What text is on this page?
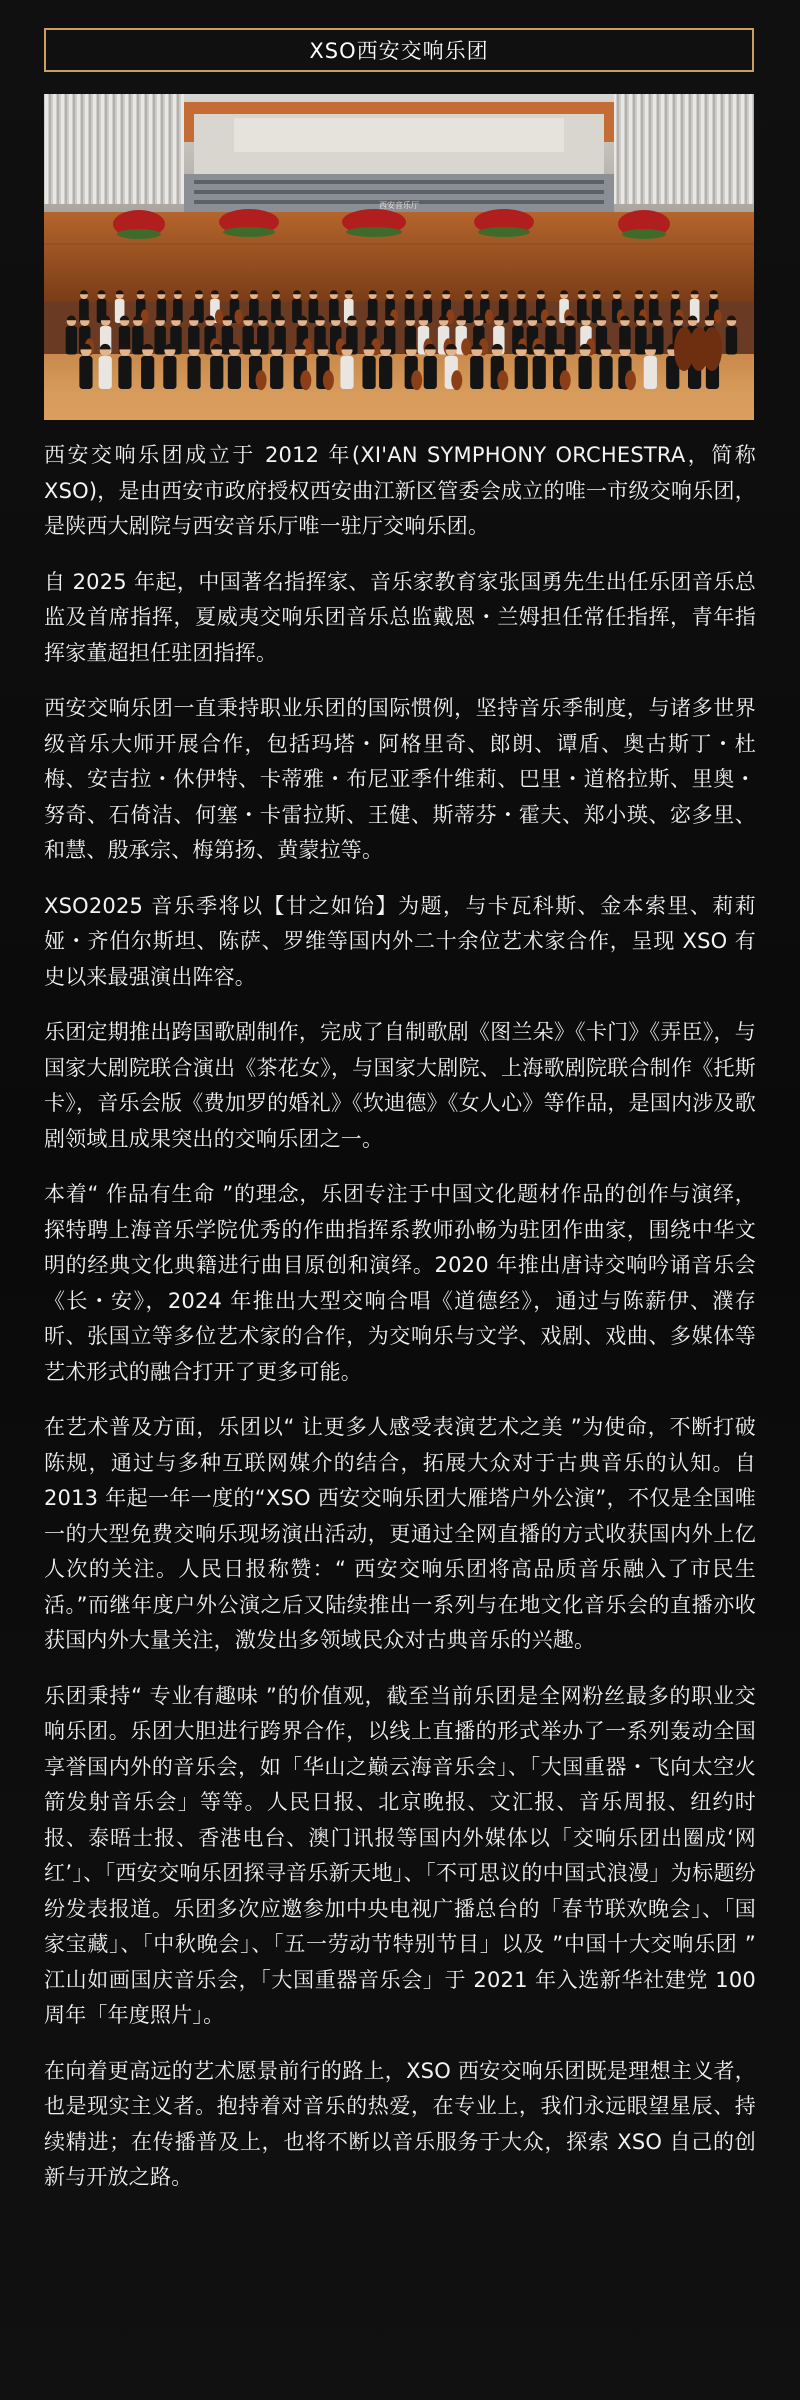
XSO西安交响乐团
西安音乐厅

西安交响乐团成立于 2012 年(XI'AN SYMPHONY ORCHESTRA，简称 XSO)，是由西安市政府授权西安曲江新区管委会成立的唯一市级交响乐团，是陕西大剧院与西安音乐厅唯一驻厅交响乐团。

自 2025 年起，中国著名指挥家、音乐家教育家张国勇先生出任乐团音乐总监及首席指挥，夏威夷交响乐团音乐总监戴恩・兰姆担任常任指挥，青年指挥家董超担任驻团指挥。

西安交响乐团一直秉持职业乐团的国际惯例，坚持音乐季制度，与诸多世界级音乐大师开展合作，包括玛塔・阿格里奇、郎朗、谭盾、奥古斯丁・杜梅、安吉拉・休伊特、卡蒂雅・布尼亚季什维莉、巴里・道格拉斯、里奥・努奇、石倚洁、何塞・卡雷拉斯、王健、斯蒂芬・霍夫、郑小瑛、宓多里、和慧、殷承宗、梅第扬、黄蒙拉等。

XSO2025 音乐季将以【甘之如饴】为题，与卡瓦科斯、金本索里、莉莉娅・齐伯尔斯坦、陈萨、罗维等国内外二十余位艺术家合作，呈现 XSO 有史以来最强演出阵容。

乐团定期推出跨国歌剧制作，完成了自制歌剧《图兰朵》《卡门》《弄臣》，与国家大剧院联合演出《茶花女》，与国家大剧院、上海歌剧院联合制作《托斯卡》，音乐会版《费加罗的婚礼》《坎迪德》《女人心》等作品，是国内涉及歌剧领域且成果突出的交响乐团之一。

本着“ 作品有生命 ”的理念，乐团专注于中国文化题材作品的创作与演绎，探特聘上海音乐学院优秀的作曲指挥系教师孙畅为驻团作曲家，围绕中华文明的经典文化典籍进行曲目原创和演绎。2020 年推出唐诗交响吟诵音乐会《长・安》，2024 年推出大型交响合唱《道德经》，通过与陈薪伊、濮存昕、张国立等多位艺术家的合作，为交响乐与文学、戏剧、戏曲、多媒体等艺术形式的融合打开了更多可能。

在艺术普及方面，乐团以“ 让更多人感受表演艺术之美 ”为使命，不断打破陈规，通过与多种互联网媒介的结合，拓展大众对于古典音乐的认知。自 2013 年起一年一度的“XSO 西安交响乐团大雁塔户外公演”，不仅是全国唯一的大型免费交响乐现场演出活动，更通过全网直播的方式收获国内外上亿人次的关注。人民日报称赞：“ 西安交响乐团将高品质音乐融入了市民生活。”而继年度户外公演之后又陆续推出一系列与在地文化音乐会的直播亦收获国内外大量关注，激发出多领域民众对古典音乐的兴趣。

乐团秉持“ 专业有趣味 ”的价值观，截至当前乐团是全网粉丝最多的职业交响乐团。乐团大胆进行跨界合作，以线上直播的形式举办了一系列轰动全国享誉国内外的音乐会，如「华山之巅云海音乐会」、「大国重器・飞向太空火箭发射音乐会」等等。人民日报、北京晚报、文汇报、音乐周报、纽约时报、泰晤士报、香港电台、澳门讯报等国内外媒体以「交响乐团出圈成‘网红’」、「西安交响乐团探寻音乐新天地」、「不可思议的中国式浪漫」为标题纷纷发表报道。乐团多次应邀参加中央电视广播总台的「春节联欢晚会」、「国家宝藏」、「中秋晚会」、「五一劳动节特别节目」以及 ”中国十大交响乐团 ” 江山如画国庆音乐会，「大国重器音乐会」于 2021 年入选新华社建党 100 周年「年度照片」。

在向着更高远的艺术愿景前行的路上，XSO 西安交响乐团既是理想主义者，也是现实主义者。抱持着对音乐的热爱，在专业上，我们永远眼望星辰、持续精进；在传播普及上，也将不断以音乐服务于大众，探索 XSO 自己的创新与开放之路。
